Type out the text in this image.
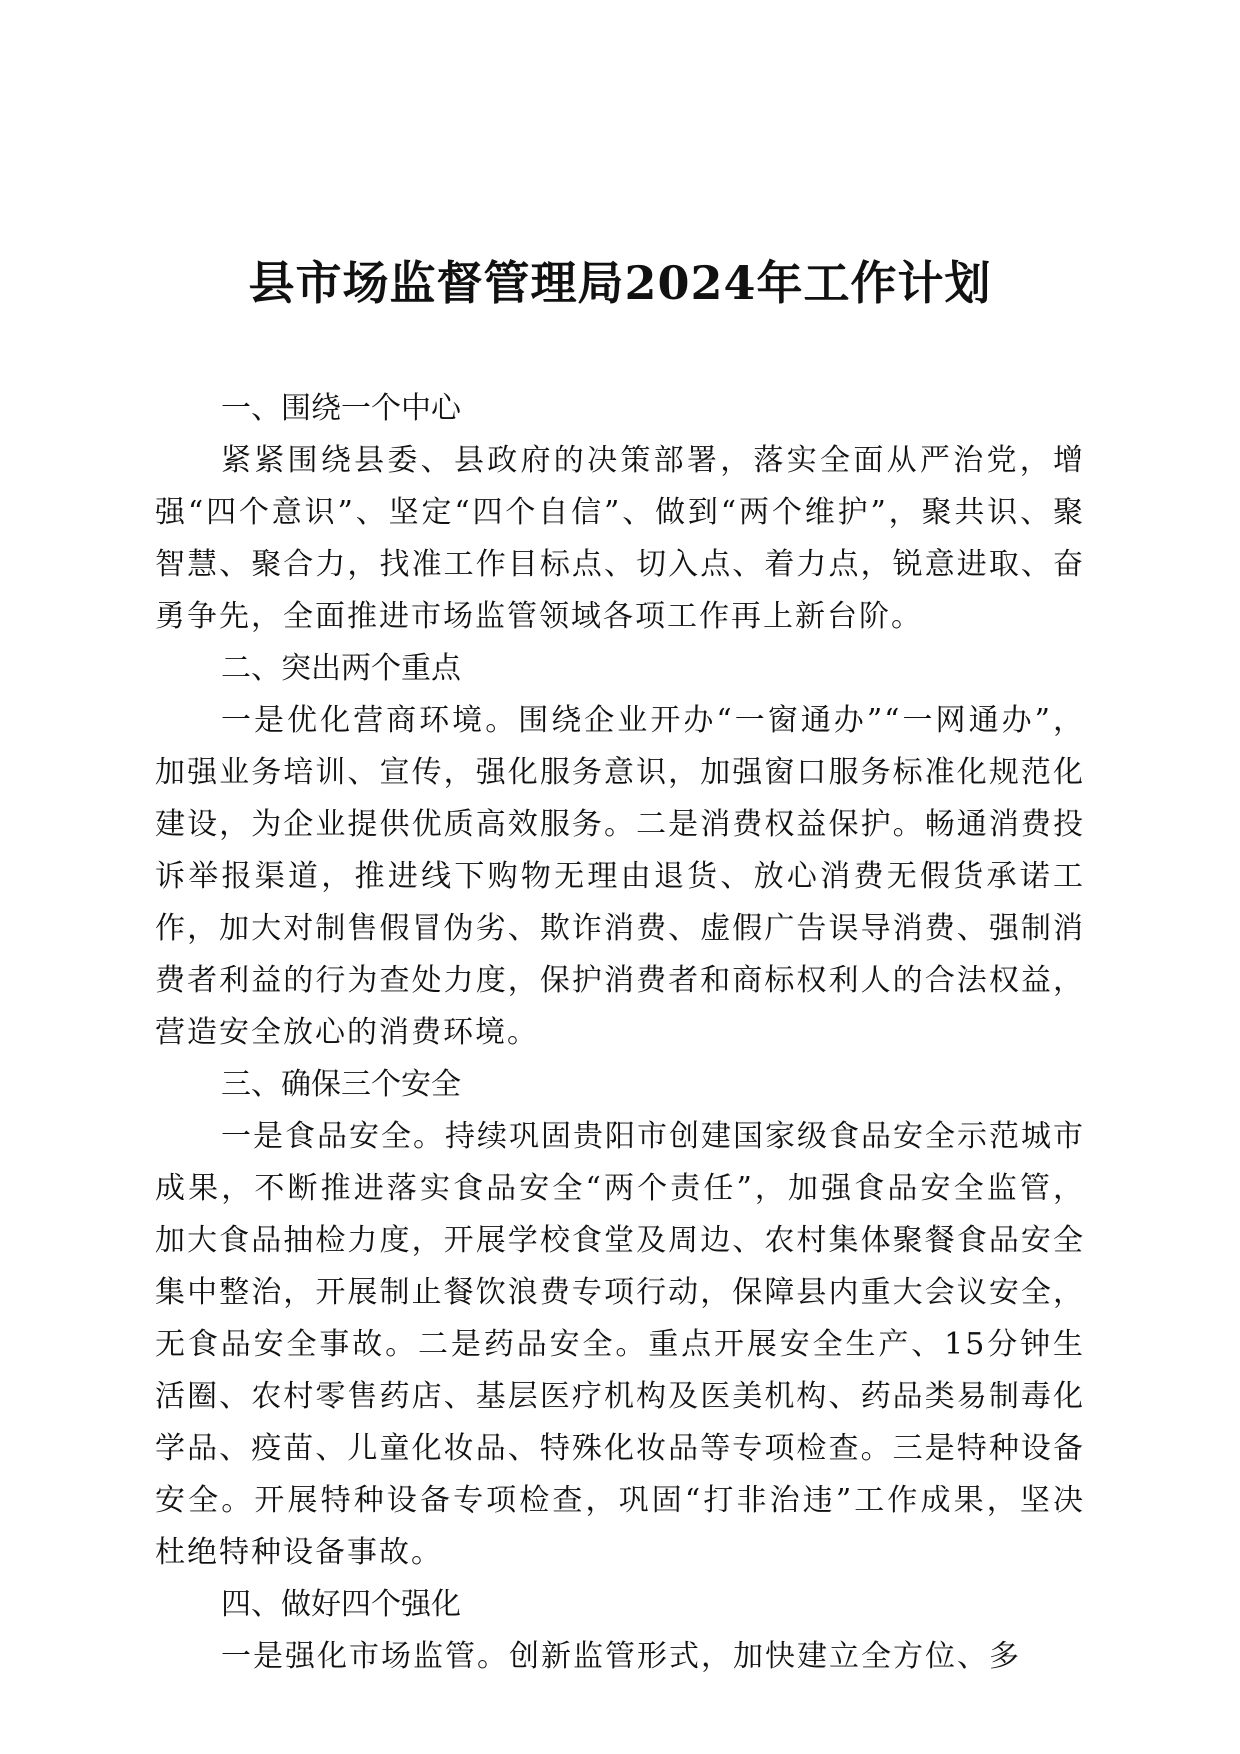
县市场监督管理局2024年工作计划
一、围绕一个中心

紧紧围绕县委、县政府的决策部署，落实全面从严治党，增强“四个意识”、坚定“四个自信”、做到“两个维护”，聚共识、聚智慧、聚合力，找准工作目标点、切入点、着力点，锐意进取、奋勇争先，全面推进市场监管领域各项工作再上新台阶。

二、突出两个重点

一是优化营商环境。围绕企业开办“一窗通办”“一网通办”，加强业务培训、宣传，强化服务意识，加强窗口服务标准化规范化建设，为企业提供优质高效服务。二是消费权益保护。畅通消费投诉举报渠道，推进线下购物无理由退货、放心消费无假货承诺工作，加大对制售假冒伪劣、欺诈消费、虚假广告误导消费、强制消费者利益的行为查处力度，保护消费者和商标权利人的合法权益，营造安全放心的消费环境。

三、确保三个安全

一是食品安全。持续巩固贵阳市创建国家级食品安全示范城市成果，不断推进落实食品安全“两个责任”，加强食品安全监管，加大食品抽检力度，开展学校食堂及周边、农村集体聚餐食品安全集中整治，开展制止餐饮浪费专项行动，保障县内重大会议安全，无食品安全事故。二是药品安全。重点开展安全生产、15分钟生活圈、农村零售药店、基层医疗机构及医美机构、药品类易制毒化学品、疫苗、儿童化妆品、特殊化妆品等专项检查。三是特种设备安全。开展特种设备专项检查，巩固“打非治违”工作成果，坚决杜绝特种设备事故。

四、做好四个强化

一是强化市场监管。创新监管形式，加快建立全方位、多
